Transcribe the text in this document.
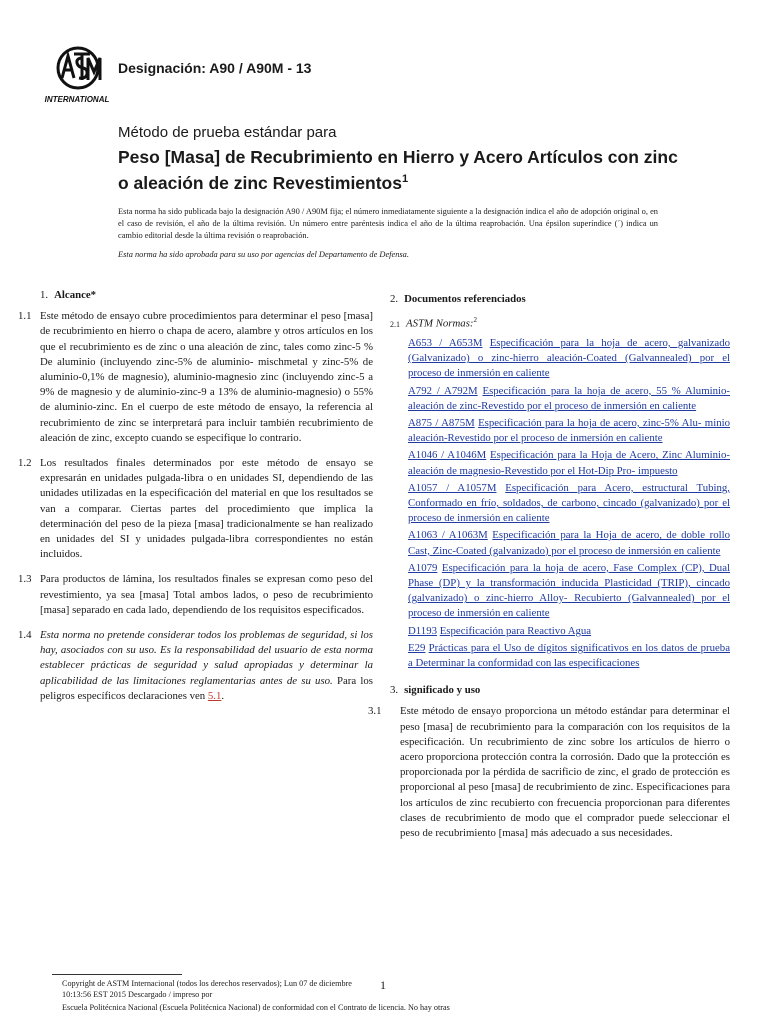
INTERNATIONAL
Designación: A90 / A90M - 13
Método de prueba estándar para
Peso [Masa] de Recubrimiento en Hierro y Acero Artículos con zinc o aleación de zinc Revestimientos$^1$
Esta norma ha sido publicada bajo la designación A90 / A90M fija; el número inmediatamente siguiente a la designación indica el año de adopción original o, en el caso de revisión, el año de la última revisión. Un número entre paréntesis indica el año de la última reaprobación. Una épsilon superíndice (´) indica un cambio editorial desde la última revisión o reaprobación.
Esta norma ha sido aprobada para su uso por agencias del Departamento de Defensa.
1. Alcance*
1.1 Este método de ensayo cubre procedimientos para determinar el peso [masa] de recubrimiento en hierro o chapa de acero, alambre y otros artículos en los que el recubrimiento es de zinc o una aleación de zinc, tales como zinc-5 % De aluminio (incluyendo zinc-5% de aluminio- mischmetal y zinc-5% de aluminio-0,1% de magnesio), aluminio-magnesio zinc (incluyendo zinc-5 a 9% de magnesio y de aluminio-zinc-9 a 13% de aluminio-magnesio) o 55% de aluminio-zinc. En el cuerpo de este método de ensayo, la referencia al recubrimiento de zinc se interpretará para incluir también recubrimiento de aleación de zinc, excepto cuando se especifique lo contrario.
1.2 Los resultados finales determinados por este método de ensayo se expresarán en unidades pulgada-libra o en unidades SI, dependiendo de las unidades utilizadas en la especificación del material en que los resultados se van a comparar. Ciertas partes del procedimiento que implica la determinación del peso de la pieza [masa] tradicionalmente se han realizado en unidades del SI y unidades pulgada-libra correspondientes no están incluidos.
1.3 Para productos de lámina, los resultados finales se expresan como peso del revestimiento, ya sea [masa] Total ambos lados, o peso de recubrimiento [masa] separado en cada lado, dependiendo de los requisitos especificados.
1.4 Esta norma no pretende considerar todos los problemas de seguridad, si los hay, asociados con su uso. Es la responsabilidad del usuario de esta norma establecer prácticas de seguridad y salud apropiadas y determinar la aplicabilidad de las limitaciones reglamentarias antes de su uso. Para los peligros específicos declaraciones ven 5.1.
2. Documentos referenciados
2.1 ASTM Normas:$^2$
A653 / A653M Especificación para la hoja de acero, galvanizado (Galvanizado) o zinc-hierro aleación-Coated (Galvannealed) por el proceso de inmersión en caliente
A792 / A792M Especificación para la hoja de acero, 55 % Aluminio-aleación de zinc-Revestido por el proceso de inmersión en caliente
A875 / A875M Especificación para la hoja de acero, zinc-5% Alu- minio aleación-Revestido por el proceso de inmersión en caliente
A1046 / A1046M Especificación para la Hoja de Acero, Zinc Aluminio-aleación de magnesio-Revestido por el Hot-Dip Pro- impuesto
A1057 / A1057M Especificación para Acero, estructural Tubing, Conformado en frío, soldados, de carbono, cincado (galvanizado) por el proceso de inmersión en caliente
A1063 / A1063M Especificación para la Hoja de acero, de doble rollo Cast, Zinc-Coated (galvanizado) por el proceso de inmersión en caliente
A1079 Especificación para la hoja de acero, Fase Complex (CP), Dual Phase (DP) y la transformación inducida Plasticidad (TRIP), cincado (galvanizado) o zinc-hierro Alloy- Recubierto (Galvannealed) por el proceso de inmersión en caliente
D1193 Especificación para Reactivo Agua
E29 Prácticas para el Uso de dígitos significativos en los datos de prueba a Determinar la conformidad con las especificaciones
3. significado y uso
3.1 Este método de ensayo proporciona un método estándar para determinar el peso [masa] de recubrimiento para la comparación con los requisitos de la especificación. Un recubrimiento de zinc sobre los artículos de hierro o acero proporciona protección contra la corrosión. Dado que la protección es proporcionada por la pérdida de sacrificio de zinc, el grado de protección es proporcional al peso [masa] de recubrimiento de zinc. Especificaciones para los artículos de zinc recubierto con frecuencia proporcionan para diferentes clases de recubrimiento de modo que el comprador puede seleccionar el peso de recubrimiento [masa] más adecuado a sus necesidades.
Copyright de ASTM Internacional (todos los derechos reservados); Lun 07 de diciembre 10:13:56 EST 2015 Descargado / impreso por
1
Escuela Politécnica Nacional (Escuela Politécnica Nacional) de conformidad con el Contrato de licencia. No hay otras
